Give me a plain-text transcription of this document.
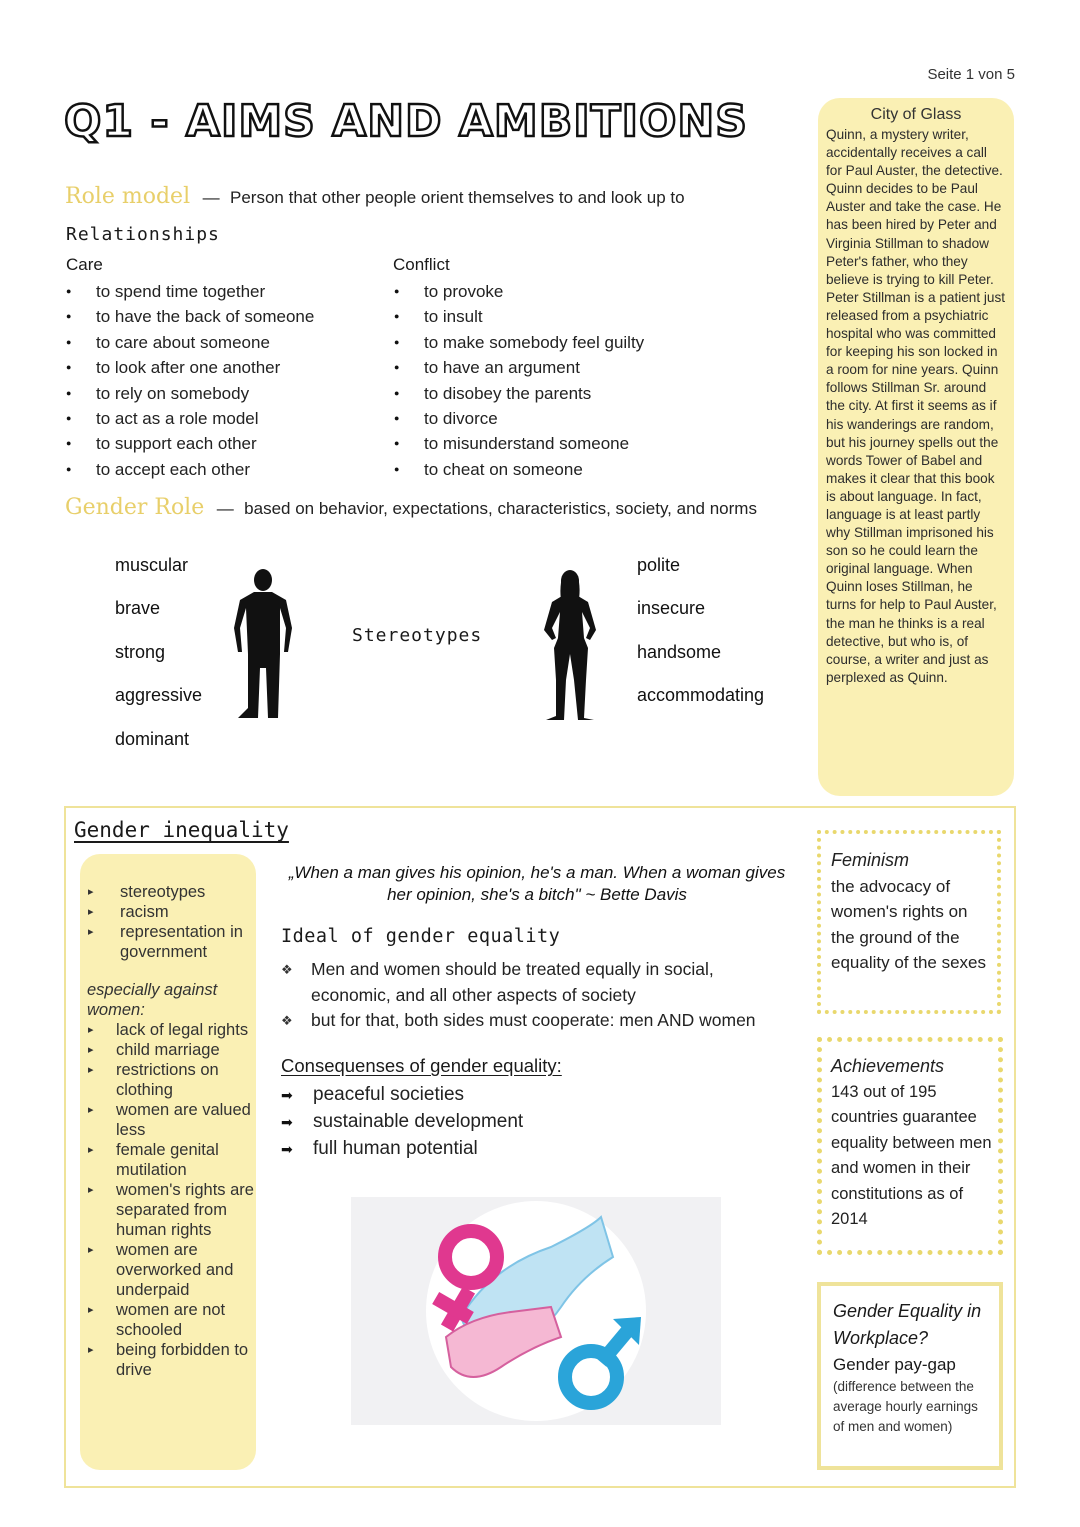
Seite 1 von 5
Q1 - AIMS AND AMBITIONS
Role model — Person that other people orient themselves to and look up to
Relationships
Care
● to spend time together
● to have the back of someone
● to care about someone
● to look after one another
● to rely on somebody
● to act as a role model
● to support each other
● to accept each other
Conflict
● to provoke
● to insult
● to make somebody feel guilty
● to have an argument
● to disobey the parents
● to divorce
● to misunderstand someone
● to cheat on someone
Gender Role — based on behavior, expectations, characteristics, society, and norms
muscular
brave
strong
aggressive
dominant
Stereotypes
polite
insecure
handsome
accommodating
City of Glass
Quinn, a mystery writer, accidentally receives a call for Paul Auster, the detective. Quinn decides to be Paul Auster and take the case. He has been hired by Peter and Virginia Stillman to shadow Peter's father, who they believe is trying to kill Peter. Peter Stillman is a patient just released from a psychiatric hospital who was committed for keeping his son locked in a room for nine years. Quinn follows Stillman Sr. around the city. At first it seems as if his wanderings are random, but his journey spells out the words Tower of Babel and makes it clear that this book is about language. In fact, language is at least partly why Stillman imprisoned his son so he could learn the original language. When Quinn loses Stillman, he turns for help to Paul Auster, the man he thinks is a real detective, but who is, of course, a writer and just as perplexed as Quinn.
Gender inequality
▸ stereotypes
▸ racism
▸ representation in government
especially against women:
▸ lack of legal rights
▸ child marriage
▸ restrictions on clothing
▸ women are valued less
▸ female genital mutilation
▸ women's rights are separated from human rights
▸ women are overworked and underpaid
▸ women are not schooled
▸ being forbidden to drive
„When a man gives his opinion, he's a man. When a woman gives her opinion, she's a bitch" ~ Bette Davis
Ideal of gender equality
❖ Men and women should be treated equally in social, economic, and all other aspects of society
❖ but for that, both sides must cooperate: men AND women
Consequenses of gender equality:
➡ peaceful societies
➡ sustainable development
➡ full human potential
Feminism
the advocacy of women's rights on the ground of the equality of the sexes
Achievements
143 out of 195 countries guarantee equality between men and women in their constitutions as of 2014
Gender Equality in Workplace?
Gender pay-gap
(difference between the average hourly earnings of men and women)
